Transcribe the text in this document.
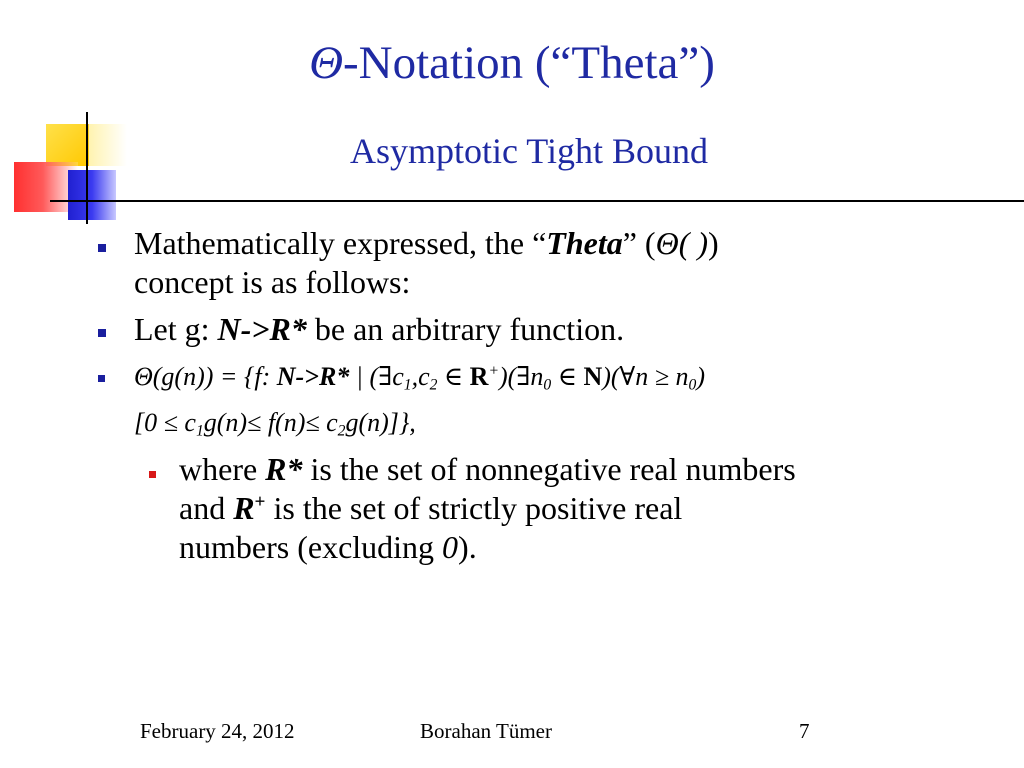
Θ-Notation (“Theta”)
Asymptotic Tight Bound
Mathematically expressed, the “Theta” (Θ( ))
concept is as follows:
Let g: N->R* be an arbitrary function.
Θ(g(n)) = {f: N->R* | ($\exists c_1,c_2$ ∈ $R^+)(\exists n_0$ ∈ N)(∀n ≥ $n_0$)
$[0 \le c_1g(n)\le f(n)\le c_2g(n)]$},
where R* is the set of nonnegative real numbers
and R+ is the set of strictly positive real
numbers (excluding 0).
February 24, 2012	Borahan Tümer	7
